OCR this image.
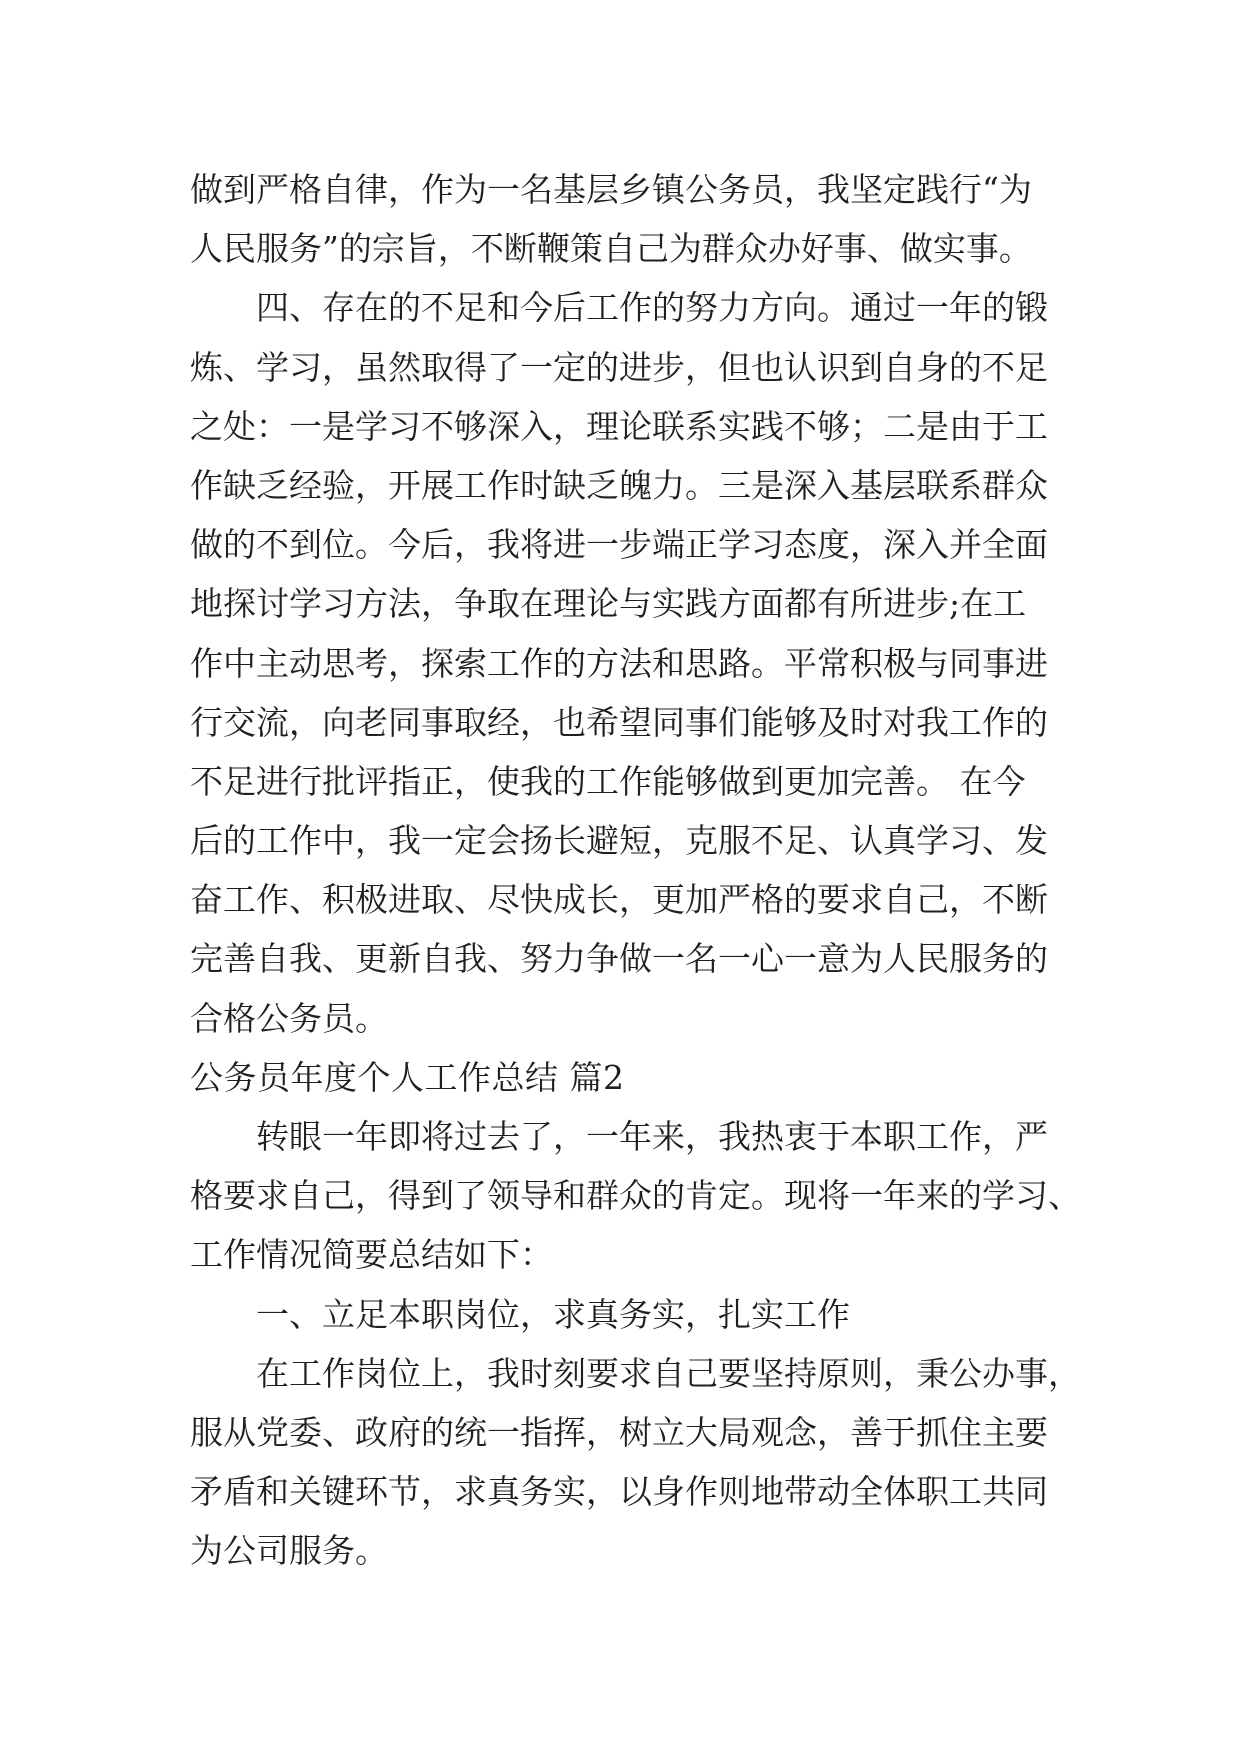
做到严格自律，作为一名基层乡镇公务员，我坚定践行“为
人民服务”的宗旨，不断鞭策自己为群众办好事、做实事。
四、存在的不足和今后工作的努力方向。通过一年的锻
炼、学习，虽然取得了一定的进步，但也认识到自身的不足
之处：一是学习不够深入，理论联系实践不够；二是由于工
作缺乏经验，开展工作时缺乏魄力。三是深入基层联系群众
做的不到位。今后，我将进一步端正学习态度，深入并全面
地探讨学习方法，争取在理论与实践方面都有所进步;在工
作中主动思考，探索工作的方法和思路。平常积极与同事进
行交流，向老同事取经，也希望同事们能够及时对我工作的
不足进行批评指正，使我的工作能够做到更加完善。 在今
后的工作中，我一定会扬长避短，克服不足、认真学习、发
奋工作、积极进取、尽快成长，更加严格的要求自己，不断
完善自我、更新自我、努力争做一名一心一意为人民服务的
合格公务员。
公务员年度个人工作总结 篇2
转眼一年即将过去了，一年来，我热衷于本职工作，严
格要求自己，得到了领导和群众的肯定。现将一年来的学习、
工作情况简要总结如下：
一、立足本职岗位，求真务实，扎实工作
在工作岗位上，我时刻要求自己要坚持原则，秉公办事，
服从党委、政府的统一指挥，树立大局观念，善于抓住主要
矛盾和关键环节，求真务实，以身作则地带动全体职工共同
为公司服务。
